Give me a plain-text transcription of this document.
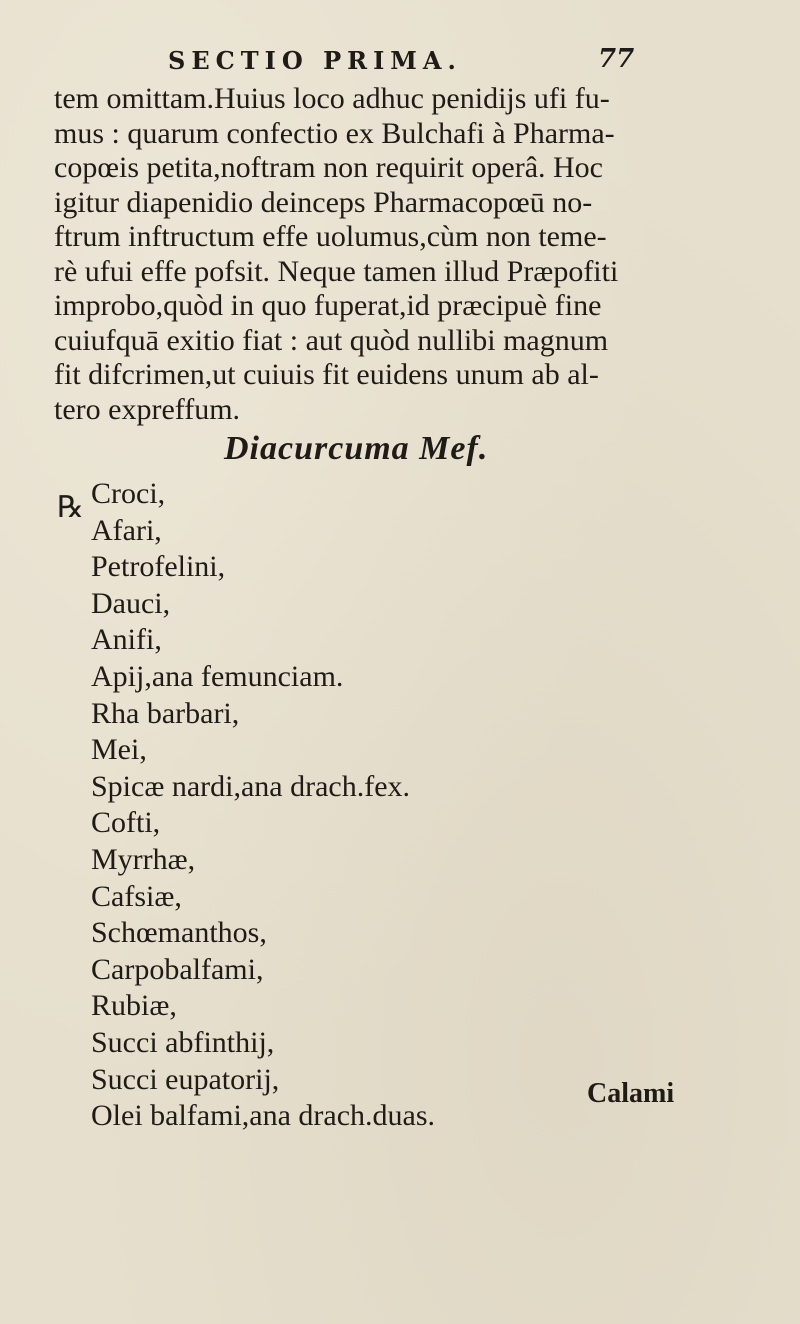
SECTIO PRIMA.	77
tem omittam.Huius loco adhuc penidijs ufi fu-
mus : quarum confectio ex Bulchafi à Pharma-
copœis petita,noftram non requirit operâ. Hoc
igitur diapenidio deinceps Pharmacopœū no-
ftrum inftructum effe uolumus,cùm non teme-
rè ufui effe pofsit. Neque tamen illud Præpofiti
improbo,quòd in quo fuperat,id præcipuè fine
cuiufquā exitio fiat : aut quòd nullibi magnum
fit difcrimen,ut cuiuis fit euidens unum ab al-
tero expreffum.
Diacurcuma Mef.
℞ Croci,
Afari,
Petrofelini,
Dauci,
Anifi,
Apij,ana femunciam.
Rha barbari,
Mei,
Spicæ nardi,ana drach.fex.
Cofti,
Myrrhæ,
Cafsiæ,
Schœmanthos,
Carpobalfami,
Rubiæ,
Succi abfinthij,
Succi eupatorij,
Olei balfami,ana drach.duas.
Calami
